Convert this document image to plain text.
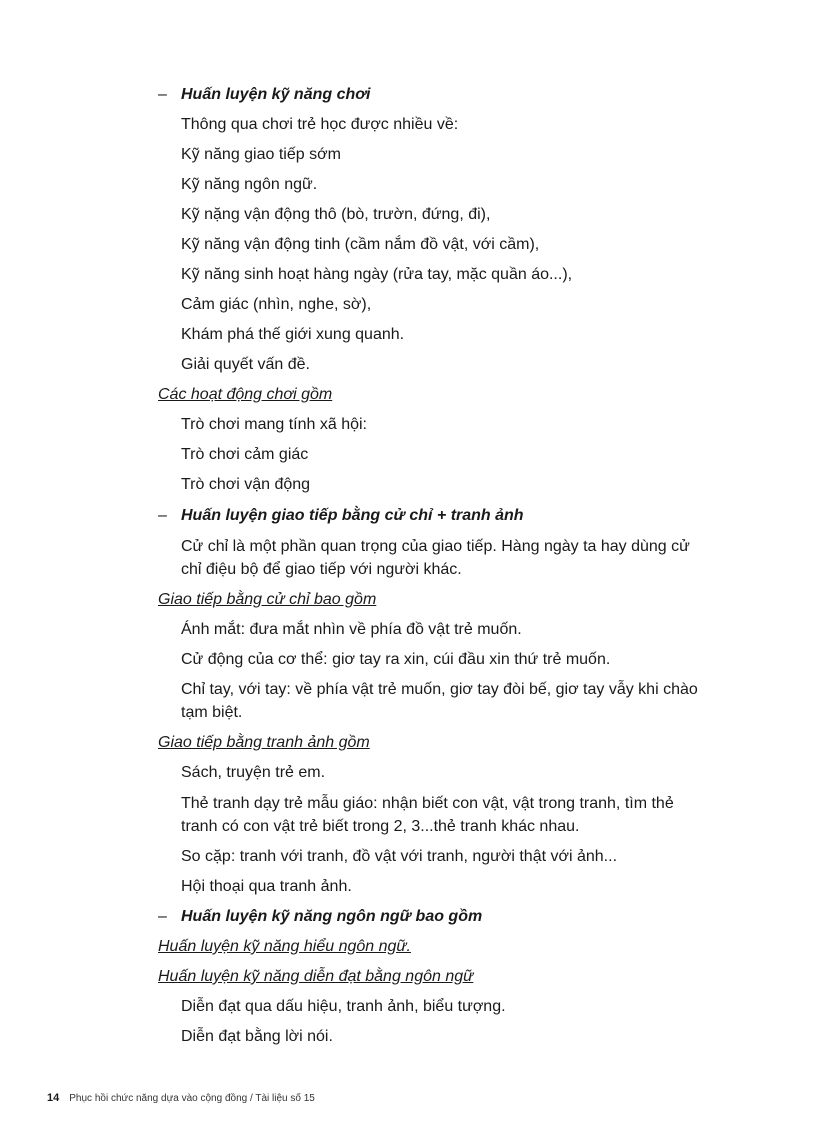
– Huấn luyện kỹ năng chơi
Thông qua chơi trẻ học được nhiều về:
Kỹ năng giao tiếp sớm
Kỹ năng ngôn ngữ.
Kỹ nặng vận động thô (bò, trườn, đứng, đi),
Kỹ năng vận động tinh (cầm nắm đồ vật, với cầm),
Kỹ năng sinh hoạt hàng ngày (rửa tay, mặc quần áo...),
Cảm giác (nhìn, nghe, sờ),
Khám phá thế giới xung quanh.
Giải quyết vấn đề.
Các hoạt động chơi gồm
Trò chơi mang tính xã hội:
Trò chơi cảm giác
Trò chơi vận động
– Huấn luyện giao tiếp bằng cử chỉ + tranh ảnh
Cử chỉ là một phần quan trọng của giao tiếp. Hàng ngày ta hay dùng cử
chỉ điệu bộ để giao tiếp với người khác.
Giao tiếp bằng cử chỉ bao gồm
Ánh mắt: đưa mắt nhìn về phía đồ vật trẻ muốn.
Cử động của cơ thể: giơ tay ra xin, cúi đầu xin thứ trẻ muốn.
Chỉ tay, với tay: về phía vật trẻ muốn, giơ tay đòi bế, giơ tay vẫy khi chào
tạm biệt.
Giao tiếp bằng tranh ảnh gồm
Sách, truyện trẻ em.
Thẻ tranh dạy trẻ mẫu giáo: nhận biết con vật, vật trong tranh, tìm thẻ
tranh có con vật trẻ biết trong 2, 3...thẻ tranh khác nhau.
So cặp: tranh với tranh, đồ vật với tranh, người thật với ảnh...
Hội thoại qua tranh ảnh.
– Huấn luyện kỹ năng ngôn ngữ bao gồm
Huấn luyện kỹ năng hiểu ngôn ngữ.
Huấn luyện kỹ năng diễn đạt bằng ngôn ngữ
Diễn đạt qua dấu hiệu, tranh ảnh, biểu tượng.
Diễn đạt bằng lời nói.
14 Phục hồi chức năng dựa vào cộng đồng / Tài liệu số 15
